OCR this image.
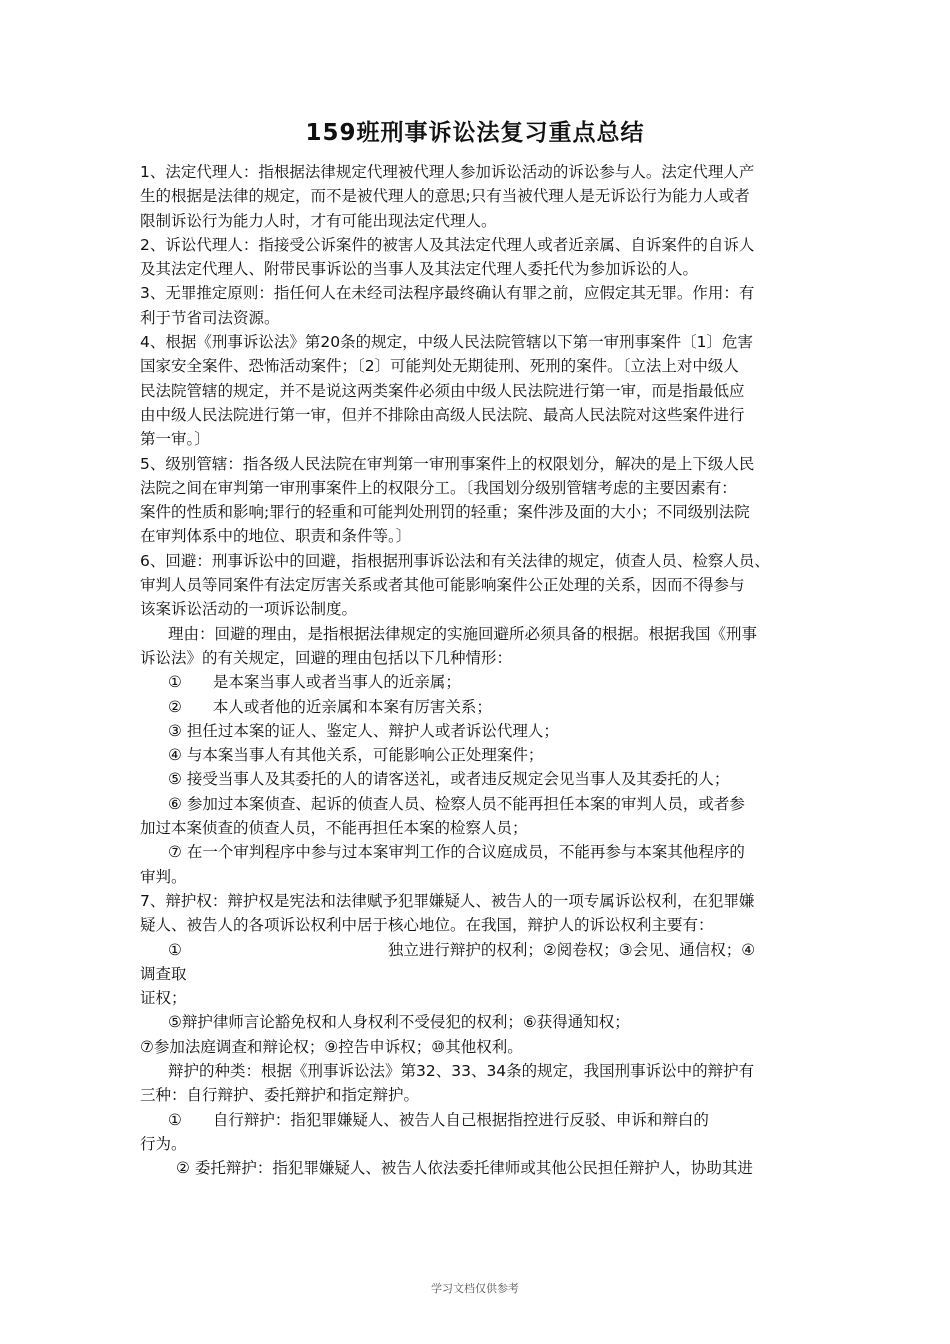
159班刑事诉讼法复习重点总结
1、法定代理人：指根据法律规定代理被代理人参加诉讼活动的诉讼参与人。法定代理人产
生的根据是法律的规定，而不是被代理人的意思;只有当被代理人是无诉讼行为能力人或者
限制诉讼行为能力人时，才有可能出现法定代理人。
2、诉讼代理人：指接受公诉案件的被害人及其法定代理人或者近亲属、自诉案件的自诉人
及其法定代理人、附带民事诉讼的当事人及其法定代理人委托代为参加诉讼的人。
3、无罪推定原则：指任何人在未经司法程序最终确认有罪之前，应假定其无罪。作用：有
利于节省司法资源。
4、根据《刑事诉讼法》第20条的规定，中级人民法院管辖以下第一审刑事案件〔1〕危害
国家安全案件、恐怖活动案件；〔2〕可能判处无期徒刑、死刑的案件。〔立法上对中级人
民法院管辖的规定，并不是说这两类案件必须由中级人民法院进行第一审，而是指最低应
由中级人民法院进行第一审，但并不排除由高级人民法院、最高人民法院对这些案件进行
第一审。〕
5、级别管辖：指各级人民法院在审判第一审刑事案件上的权限划分，解决的是上下级人民
法院之间在审判第一审刑事案件上的权限分工。〔我国划分级别管辖考虑的主要因素有：
案件的性质和影响;罪行的轻重和可能判处刑罚的轻重；案件涉及面的大小；不同级别法院
在审判体系中的地位、职责和条件等。〕
6、回避：刑事诉讼中的回避，指根据刑事诉讼法和有关法律的规定，侦查人员、检察人员、
审判人员等同案件有法定厉害关系或者其他可能影响案件公正处理的关系，因而不得参与
该案诉讼活动的一项诉讼制度。
理由：回避的理由，是指根据法律规定的实施回避所必须具备的根据。根据我国《刑事
诉讼法》的有关规定，回避的理由包括以下几种情形：
①　　是本案当事人或者当事人的近亲属；
②　　本人或者他的近亲属和本案有厉害关系；
③ 担任过本案的证人、鉴定人、辩护人或者诉讼代理人；
④ 与本案当事人有其他关系，可能影响公正处理案件；
⑤ 接受当事人及其委托的人的请客送礼，或者违反规定会见当事人及其委托的人；
⑥ 参加过本案侦查、起诉的侦查人员、检察人员不能再担任本案的审判人员，或者参
加过本案侦查的侦查人员，不能再担任本案的检察人员；
⑦ 在一个审判程序中参与过本案审判工作的合议庭成员，不能再参与本案其他程序的
审判。
7、辩护权：辩护权是宪法和法律赋予犯罪嫌疑人、被告人的一项专属诉讼权利，在犯罪嫌
疑人、被告人的各项诉讼权利中居于核心地位。在我国，辩护人的诉讼权利主要有：
①	独立进行辩护的权利；②阅卷权；③会见、通信权；④
调查取
证权；
⑤辩护律师言论豁免权和人身权利不受侵犯的权利；⑥获得通知权；
⑦参加法庭调查和辩论权；⑨控告申诉权；⑩其他权利。
辩护的种类：根据《刑事诉讼法》第32、33、34条的规定，我国刑事诉讼中的辩护有
三种：自行辩护、委托辩护和指定辩护。
①　　自行辩护：指犯罪嫌疑人、被告人自己根据指控进行反驳、申诉和辩白的
行为。
② 委托辩护：指犯罪嫌疑人、被告人依法委托律师或其他公民担任辩护人，协助其进
学习文档仅供参考
